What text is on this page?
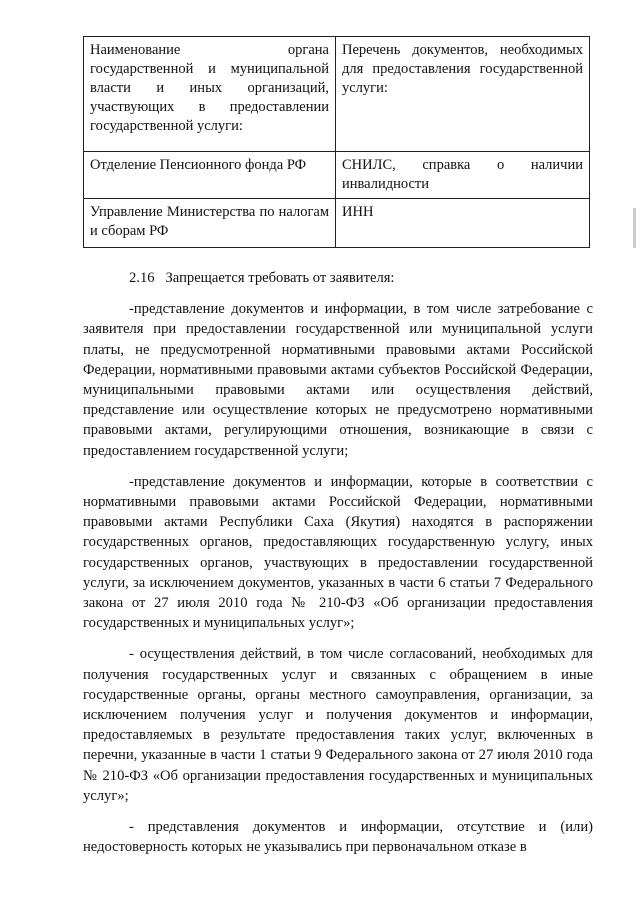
Наименование органа государственной и муниципальной власти и иных организаций, участвующих в предоставлении государственной услуги:	Перечень документов, необходимых для предоставления государственной услуги:
Отделение Пенсионного фонда РФ	СНИЛС, справка о наличии инвалидности
Управление Министерства по налогам и сборам РФ	ИНН
2.16 Запрещается требовать от заявителя:

-представление документов и информации, в том числе затребование с заявителя при предоставлении государственной или муниципальной услуги платы, не предусмотренной нормативными правовыми актами Российской Федерации, нормативными правовыми актами субъектов Российской Федерации, муниципальными правовыми актами или осуществления действий, представление или осуществление которых не предусмотрено нормативными правовыми актами, регулирующими отношения, возникающие в связи с предоставлением государственной услуги;

-представление документов и информации, которые в соответствии с нормативными правовыми актами Российской Федерации, нормативными правовыми актами Республики Саха (Якутия) находятся в распоряжении государственных органов, предоставляющих государственную услугу, иных государственных органов, участвующих в предоставлении государственной услуги, за исключением документов, указанных в части 6 статьи 7 Федерального закона от 27 июля 2010 года № 210-ФЗ «Об организации предоставления государственных и муниципальных услуг»;

- осуществления действий, в том числе согласований, необходимых для получения государственных услуг и связанных с обращением в иные государственные органы, органы местного самоуправления, организации, за исключением получения услуг и получения документов и информации, предоставляемых в результате предоставления таких услуг, включенных в перечни, указанные в части 1 статьи 9 Федерального закона от 27 июля 2010 года № 210-ФЗ «Об организации предоставления государственных и муниципальных услуг»;

- представления документов и информации, отсутствие и (или) недостоверность которых не указывались при первоначальном отказе в
